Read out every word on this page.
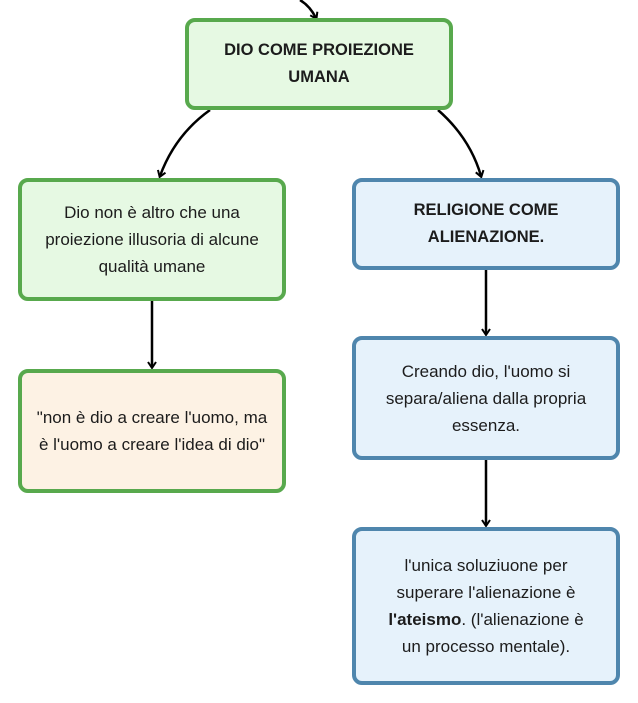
DIO COME PROIEZIONE UMANA
Dio non è altro che una proiezione illusoria di alcune qualità umane
"non è dio a creare l'uomo, ma è l'uomo a creare l'idea di dio"
RELIGIONE COME ALIENAZIONE.
Creando dio, l'uomo si separa/aliena dalla propria essenza.
l'unica soluziuone per superare l'alienazione è l'ateismo. (l'alienazione è un processo mentale).
